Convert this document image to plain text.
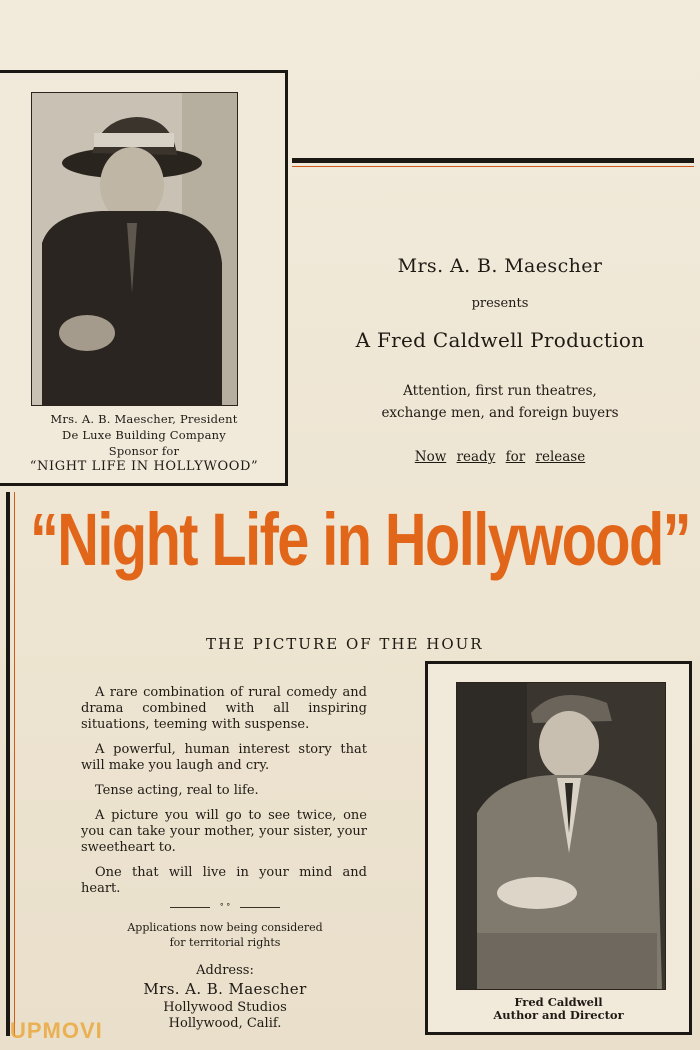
Mrs. A. B. Maescher, President
De Luxe Building Company
Sponsor for
“NIGHT LIFE IN HOLLYWOOD”
Mrs. A. B. Maescher
presents
A Fred Caldwell Production
Attention, first run theatres,
exchange men, and foreign buyers
Now ready for release
“Night Life in Hollywood”
THE PICTURE OF THE HOUR

A rare combination of rural comedy and drama combined with all inspiring situations, teeming with suspense.

A powerful, human interest story that will make you laugh and cry.

Tense acting, real to life.

A picture you will go to see twice, one you can take your mother, your sister, your sweetheart to.

One that will live in your mind and heart.

° °
Applications now being considered
for territorial rights
Address:
Mrs. A. B. Maescher
Hollywood Studios
Hollywood, Calif.
Fred Caldwell
Author and Director
UPMOVI
